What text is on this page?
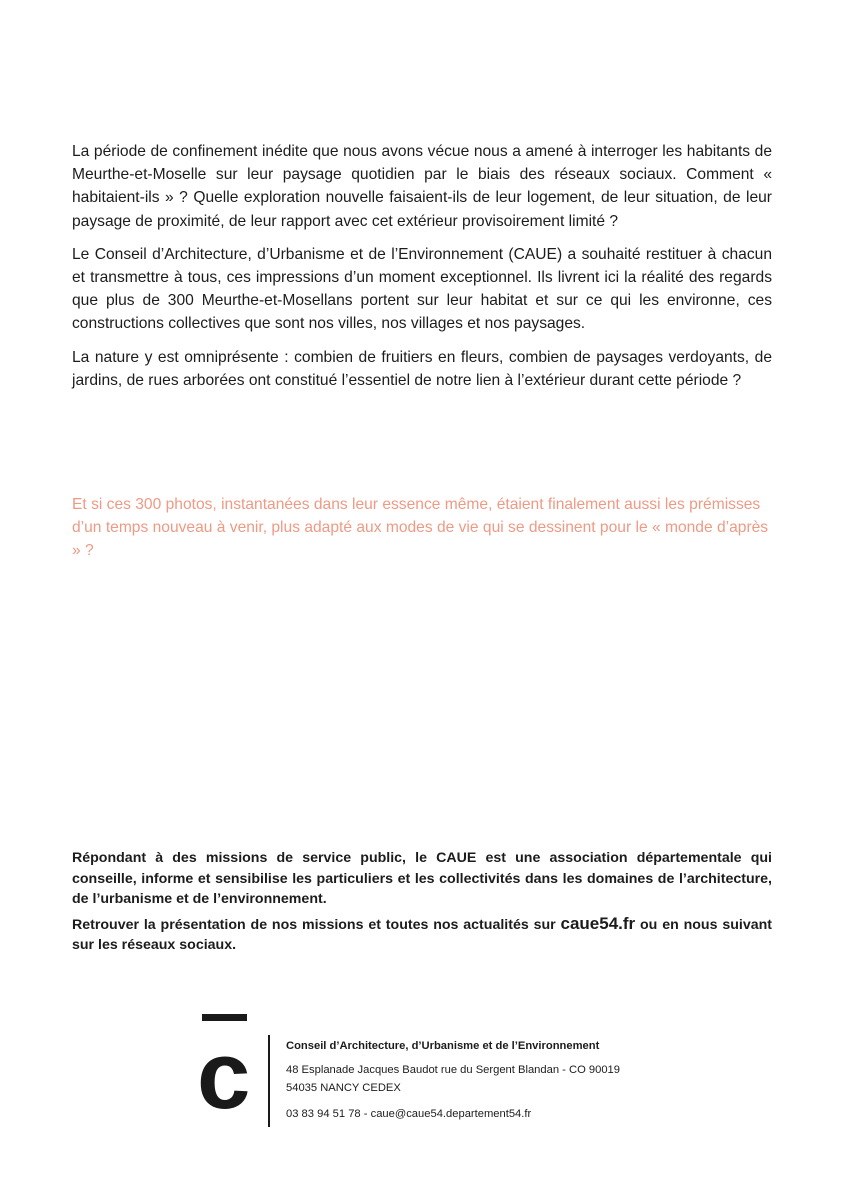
La période de confinement inédite que nous avons vécue nous a amené à interroger les habitants de Meurthe-et-Moselle sur leur paysage quotidien par le biais des réseaux sociaux. Comment « habitaient-ils » ? Quelle exploration nouvelle faisaient-ils de leur logement, de leur situation, de leur paysage de proximité, de leur rapport avec cet extérieur provisoirement limité ?

Le Conseil d’Architecture, d’Urbanisme et de l’Environnement (CAUE) a souhaité restituer à chacun et transmettre à tous, ces impressions d’un moment exceptionnel. Ils livrent ici la réalité des regards que plus de 300 Meurthe-et-Mosellans portent sur leur habitat et sur ce qui les environne, ces constructions collectives que sont nos villes, nos villages et nos paysages.

La nature y est omniprésente : combien de fruitiers en fleurs, combien de paysages verdoyants, de jardins, de rues arborées ont constitué l’essentiel de notre lien à l’extérieur durant cette période ?

Et si ces 300 photos, instantanées dans leur essence même, étaient finalement aussi les prémisses d’un temps nouveau à venir, plus adapté aux modes de vie qui se dessinent pour le « monde d’après » ?

Répondant à des missions de service public, le CAUE est une association départementale qui conseille, informe et sensibilise les particuliers et les collectivités dans les domaines de l’architecture, de l’urbanisme et de l’environnement.

Retrouver la présentation de nos missions et toutes nos actualités sur caue54.fr ou en nous suivant sur les réseaux sociaux.

c	Conseil d’Architecture, d’Urbanisme et de l’Environnement
48 Esplanade Jacques Baudot rue du Sergent Blandan - CO 90019
54035 NANCY CEDEX
03 83 94 51 78 - caue@caue54.departement54.fr
